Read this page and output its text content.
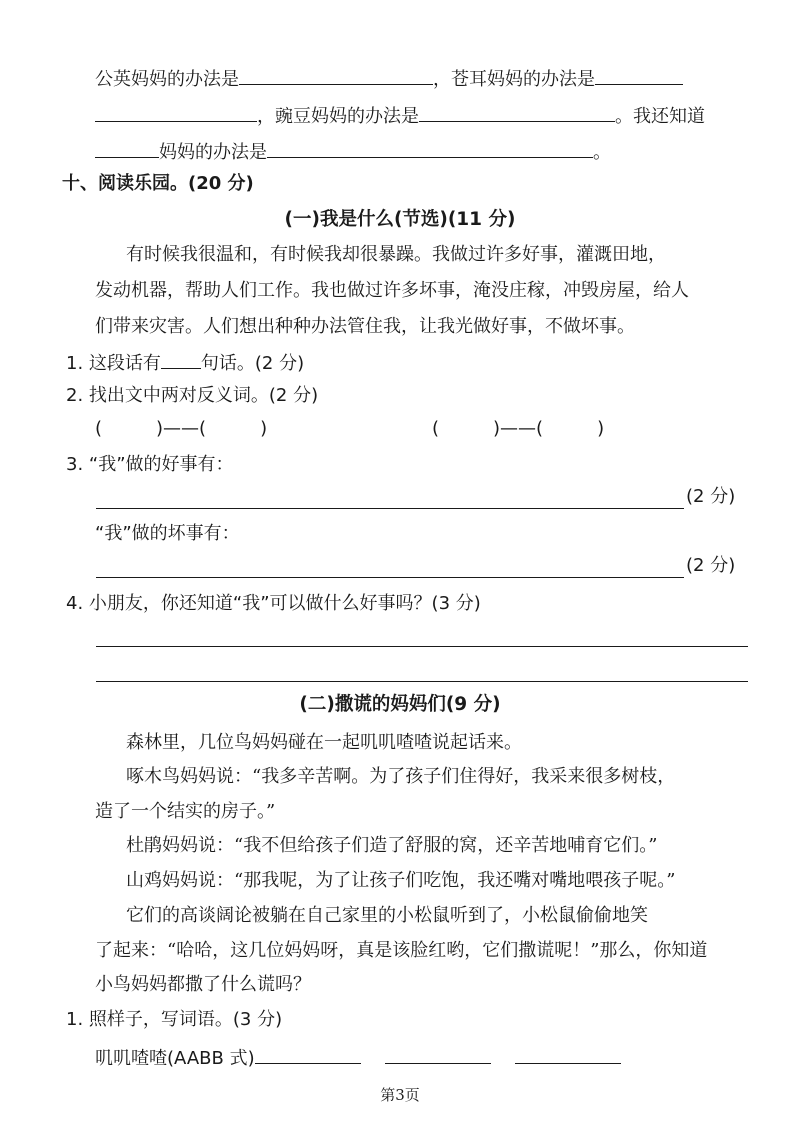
公英妈妈的办法是	，苍耳妈妈的办法是
，豌豆妈妈的办法是	。我还知道
妈妈的办法是	。
十、阅读乐园。(20 分)
(一)我是什么(节选)(11 分)
有时候我很温和，有时候我却很暴躁。我做过许多好事，灌溉田地，
发动机器，帮助人们工作。我也做过许多坏事，淹没庄稼，冲毁房屋，给人
们带来灾害。人们想出种种办法管住我，让我光做好事，不做坏事。
1. 这段话有 句话。(2 分)
2. 找出文中两对反义词。(2 分)
(　　　)——(　　　)	(　　　)——(　　　)
3. “我”做的好事有：
(2 分)
“我”做的坏事有：
(2 分)
4. 小朋友，你还知道“我”可以做什么好事吗？(3 分)
(二)撒谎的妈妈们(9 分)
森林里，几位鸟妈妈碰在一起叽叽喳喳说起话来。
啄木鸟妈妈说：“我多辛苦啊。为了孩子们住得好，我采来很多树枝，
造了一个结实的房子。”
杜鹃妈妈说：“我不但给孩子们造了舒服的窝，还辛苦地哺育它们。”
山鸡妈妈说：“那我呢，为了让孩子们吃饱，我还嘴对嘴地喂孩子呢。”
它们的高谈阔论被躺在自己家里的小松鼠听到了，小松鼠偷偷地笑
了起来：“哈哈，这几位妈妈呀，真是该脸红哟，它们撒谎呢！”那么，你知道
小鸟妈妈都撒了什么谎吗？
1. 照样子，写词语。(3 分)
叽叽喳喳(AABB 式)
第3页
